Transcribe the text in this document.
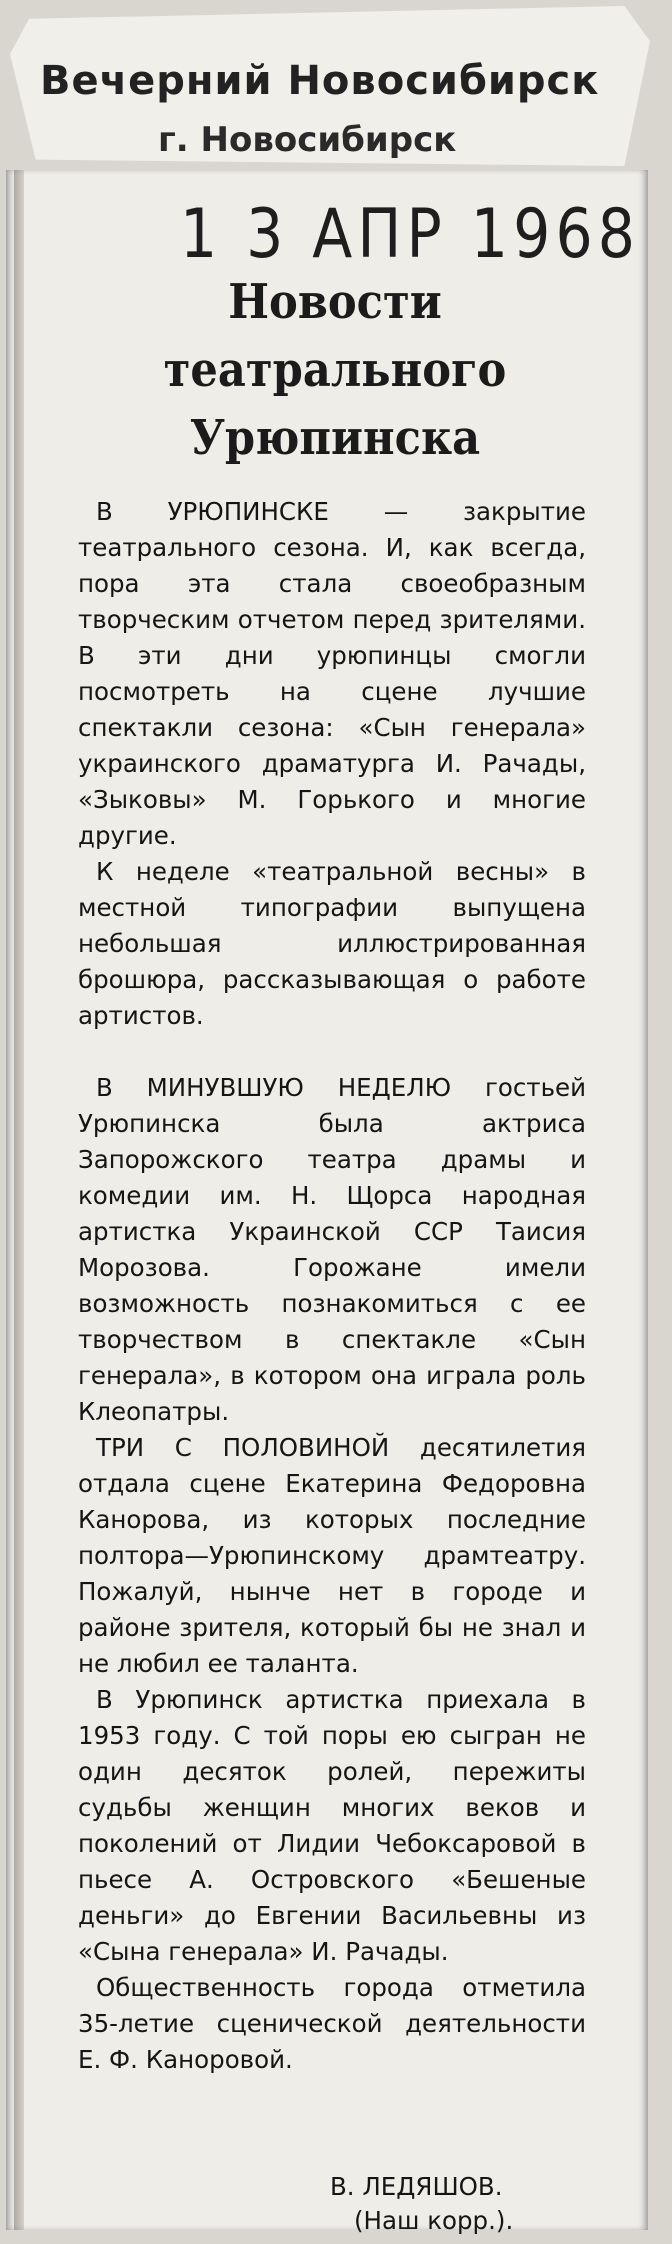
Вечерний Новосибирск
г. Новосибирск
1 3 АПР 1968
Новости
театрального
Урюпинска

В УРЮПИНСКЕ — закрытие театрального сезона. И, как всегда, пора эта стала своеобразным творческим отчетом перед зрителями. В эти дни урюпинцы смогли посмотреть на сцене лучшие спектакли сезона: «Сын генерала» украинского драматурга И. Рачады, «Зыковы» М. Горького и многие другие.

К неделе «театральной весны» в местной типографии выпущена небольшая иллюстрированная брошюра, рассказывающая о работе артистов.

В МИНУВШУЮ НЕДЕЛЮ гостьей Урюпинска была актриса Запорожского театра драмы и комедии им. Н. Щорса народная артистка Украинской ССР Таисия Морозова. Горожане имели возможность познакомиться с ее творчеством в спектакле «Сын генерала», в котором она играла роль Клеопатры.

ТРИ С ПОЛОВИНОЙ десятилетия отдала сцене Екатерина Федоровна Канорова, из которых последние полтора—Урюпинскому драмтеатру. Пожалуй, нынче нет в городе и районе зрителя, который бы не знал и не любил ее таланта.

В Урюпинск артистка приехала в 1953 году. С той поры ею сыгран не один десяток ролей, пережиты судьбы женщин многих веков и поколений от Лидии Чебоксаровой в пьесе А. Островского «Бешеные деньги» до Евгении Васильевны из «Сына генерала» И. Рачады.

Общественность города отметила 35-летие сценической деятельности Е. Ф. Каноровой.

В. ЛЕДЯШОВ.
(Наш корр.).
